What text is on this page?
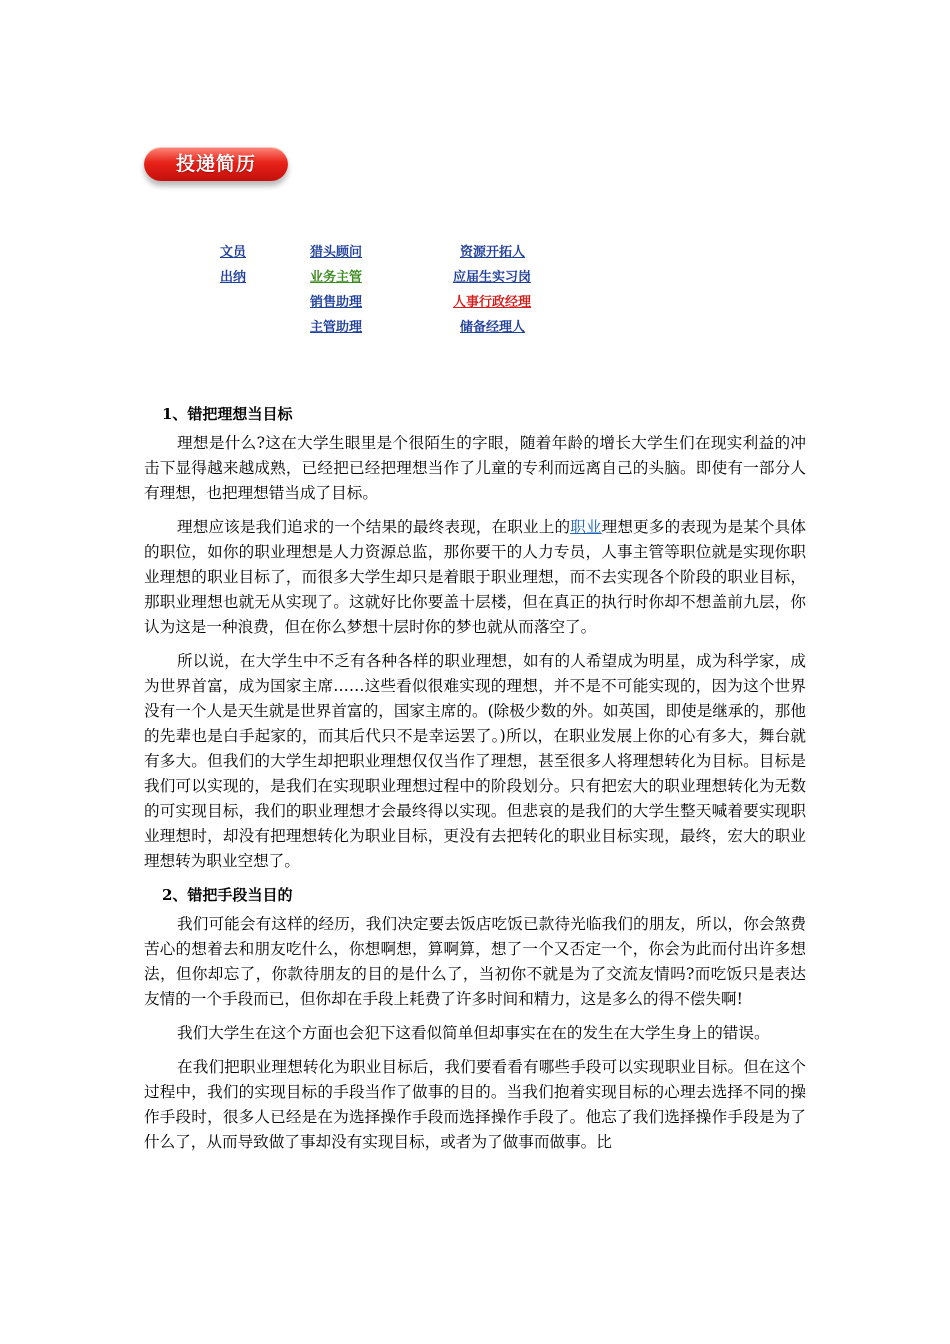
投递简历
文员
出纳
猎头顾问
业务主管
销售助理
主管助理
资源开拓人
应届生实习岗
人事行政经理
储备经理人
1、错把理想当目标

理想是什么?这在大学生眼里是个很陌生的字眼，随着年龄的增长大学生们在现实利益的冲击下显得越来越成熟，已经把已经把理想当作了儿童的专利而远离自己的头脑。即使有一部分人有理想，也把理想错当成了目标。

理想应该是我们追求的一个结果的最终表现，在职业上的职业理想更多的表现为是某个具体的职位，如你的职业理想是人力资源总监，那你要干的人力专员，人事主管等职位就是实现你职业理想的职业目标了，而很多大学生却只是着眼于职业理想，而不去实现各个阶段的职业目标，那职业理想也就无从实现了。这就好比你要盖十层楼，但在真正的执行时你却不想盖前九层，你认为这是一种浪费，但在你么梦想十层时你的梦也就从而落空了。

所以说，在大学生中不乏有各种各样的职业理想，如有的人希望成为明星，成为科学家，成为世界首富，成为国家主席……这些看似很难实现的理想，并不是不可能实现的，因为这个世界没有一个人是天生就是世界首富的，国家主席的。(除极少数的外。如英国，即使是继承的，那他的先辈也是白手起家的，而其后代只不是幸运罢了。)所以，在职业发展上你的心有多大，舞台就有多大。但我们的大学生却把职业理想仅仅当作了理想，甚至很多人将理想转化为目标。目标是我们可以实现的，是我们在实现职业理想过程中的阶段划分。只有把宏大的职业理想转化为无数的可实现目标，我们的职业理想才会最终得以实现。但悲哀的是我们的大学生整天喊着要实现职业理想时，却没有把理想转化为职业目标，更没有去把转化的职业目标实现，最终，宏大的职业理想转为职业空想了。

2、错把手段当目的

我们可能会有这样的经历，我们决定要去饭店吃饭已款待光临我们的朋友，所以，你会煞费苦心的想着去和朋友吃什么，你想啊想，算啊算，想了一个又否定一个，你会为此而付出许多想法，但你却忘了，你款待朋友的目的是什么了，当初你不就是为了交流友情吗?而吃饭只是表达友情的一个手段而已，但你却在手段上耗费了许多时间和精力，这是多么的得不偿失啊!

我们大学生在这个方面也会犯下这看似简单但却事实在在的发生在大学生身上的错误。

在我们把职业理想转化为职业目标后，我们要看看有哪些手段可以实现职业目标。但在这个过程中，我们的实现目标的手段当作了做事的目的。当我们抱着实现目标的心理去选择不同的操作手段时，很多人已经是在为选择操作手段而选择操作手段了。他忘了我们选择操作手段是为了什么了，从而导致做了事却没有实现目标，或者为了做事而做事。比
